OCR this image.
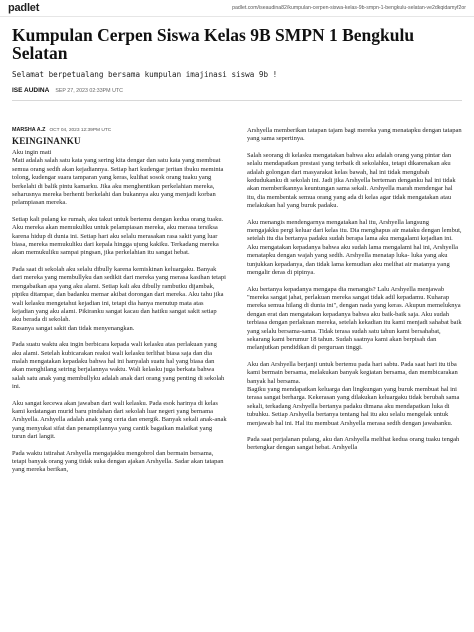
padlet	padlet.com/iseaudina82/kumpulan-cerpen-siswa-kelas-9b-smpn-1-bengkulu-selatan-ve2dkqidamyf2or
Kumpulan Cerpen Siswa Kelas 9B SMPN 1 Bengkulu Selatan
Selamat berpetualang bersama kumpulan imajinasi siswa 9b !
ISE AUDINA SEP 27, 2023 02:33PM UTC
MARSHA A.Z OCT 04, 2023 12:39PM UTC
KEINGINANKU

Aku ingin mati
Mati adalah salah satu kata yang sering kita dengar dan satu kata yang membuat semua orang sedih akan kejadiannya. Setiap hari kudengar jeritan ibuku meminta tolong, kudengar suara tamparan yang keras, kulihat sosok orang tuaku yang berkelahi di balik pintu kamarku. Jika aku menghentikan perkelahian mereka, seharusnya mereka berhenti berkelahi dan bukannya aku yang menjadi korban pelampiasan mereka.

Setiap kali pulang ke rumah, aku takut untuk bertemu dengan kedua orang tuaku. Aku mereka akan memukuliku untuk pelampiasan mereka, aku merasa tersiksa karena hidup di dunia ini. Setiap hari aku selalu merasakan rasa sakit yang luar biasa, mereka memukuliku dari kepala hingga ujung kakiku. Terkadang mereka akan memukuliku sampai pingsan, jika perkelahian itu sangat hebat.

Pada saat di sekolah aku selalu dibully karena kemiskinan keluargaku. Banyak dari mereka yang membullyku dan sedikit dari mereka yang merasa kasihan tetapi mengabaikan apa yang aku alami. Setiap kali aku dibully rambutku dijambak, pipiku ditampar, dan badanku memar akibat dorongan dari mereka. Aku tahu jika wali kelasku mengetahui kejadian ini, tetapi dia hanya menutup mata atas kejadian yang aku alami. Pikiranku sangat kacau dan hatiku sangat sakit setiap aku berada di sekolah.
Rasanya sangat sakit dan tidak menyenangkan.

Pada suatu waktu aku ingin berbicara kepada wali kelasku atas perlakuan yang aku alami. Setelah kubicarakan reaksi wali kelasku terlihat biasa saja dan dia malah mengatakan kepadaku bahwa hal ini hanyalah suatu hal yang biasa dan akan menghilang seiring berjalannya waktu. Wali kelasku juga berkata bahwa salah satu anak yang membullyku adalah anak dari orang yang penting di sekolah ini.

Aku sangat kecewa akan jawaban dari wali kelasku. Pada esok harinya di kelas kami kedatangan murid baru pindahan dari sekolah luar negeri yang bernama Arshyella. Arshyella adalah anak yang ceria dan energik. Banyak sekali anak-anak yang menyukai sifat dan penampilannya yang cantik bagaikan malaikat yang turun dari langit.

Pada waktu istirahat Arshyella mengajakku mengobrol dan bermain bersama, tetapi banyak orang yang tidak suka dengan ajakan Arshyella. Sadar akan tatapan yang mereka berikan,

Arshyella memberikan tatapan tajam bagi mereka yang menatapku dengan tatapan yang sama sepertinya.

Salah seorang di kelasku mengatakan bahwa aku adalah orang yang pintar dan selalu mendapatkan prestasi yang terbaik di sekolahku, tetapi dikarenakan aku adalah golongan dari masyarakat kelas bawah, hal ini tidak mengubah kedudukanku di sekolah ini. Jadi jika Arshyella berteman denganku hal ini tidak akan memberikannya keuntungan sama sekali. Arshyella marah mendengar hal itu, dia membentak semua orang yang ada di kelas agar tidak mengatakan atau melakukan hal yang buruk padaku.

Aku menangis mendengarnya mengatakan hal itu, Arshyella langsung mengajakku pergi keluar dari kelas itu. Dia menghapus air mataku dengan lembut, setelah itu dia bertanya padaku sudah berapa lama aku mengalami kejadian ini. Aku mengatakan kepadanya bahwa aku sudah lama mengalami hal ini, Arshyella menatapku dengan wajah yang sedih. Arshyella menatap luka- luka yang aku tunjukkan kepadanya, dan tidak lama kemudian aku melihat air matanya yang mengalir deras di pipinya.

Aku bertanya kepadanya mengapa dia menangis? Lalu Arshyella menjawab "mereka sangat jahat, perlakuan mereka sangat tidak adil kepadamu. Kuharap mereka semua hilang di dunia ini", dengan nada yang keras. Akupun memeluknya dengan erat dan mengatakan kepadanya bahwa aku baik-baik saja. Aku sudah terbiasa dengan perlakuan mereka, setelah kekadian itu kami menjadi sahabat baik yang selalu bersama-sama. Tidak terasa sudah satu tahun kami bersahabat, sekarang kami berumur 18 tahun. Sudah saatnya kami akan berpisah dan melanjutkan pendidikan di perguruan tinggi.

Aku dan Arshyella berjanji untuk bertemu pada hari sabtu. Pada saat hari itu tiba kami bermain bersama, melakukan banyak kegiatan bersama, dan membicarakan banyak hal bersama.
Bagiku yang mendapatkan keluarga dan lingkungan yang buruk membuat hal ini terasa sangat berharga. Kekerasan yang dilakukan keluargaku tidak berubah sama sekali, terkadang Arshyella bertanya padaku dimana aku mendapatkan luka di tubuhku. Setiap Arshyella bertanya tentang hal itu aku selalu mengelak untuk menjawab hal ini. Hal itu membuat Arshyella merasa sedih dengan jawabanku.

Pada saat perjalanan pulang, aku dan Arshyella melihat kedua orang tuaku tengah bertengkar dengan sangat hebat. Arshyella
